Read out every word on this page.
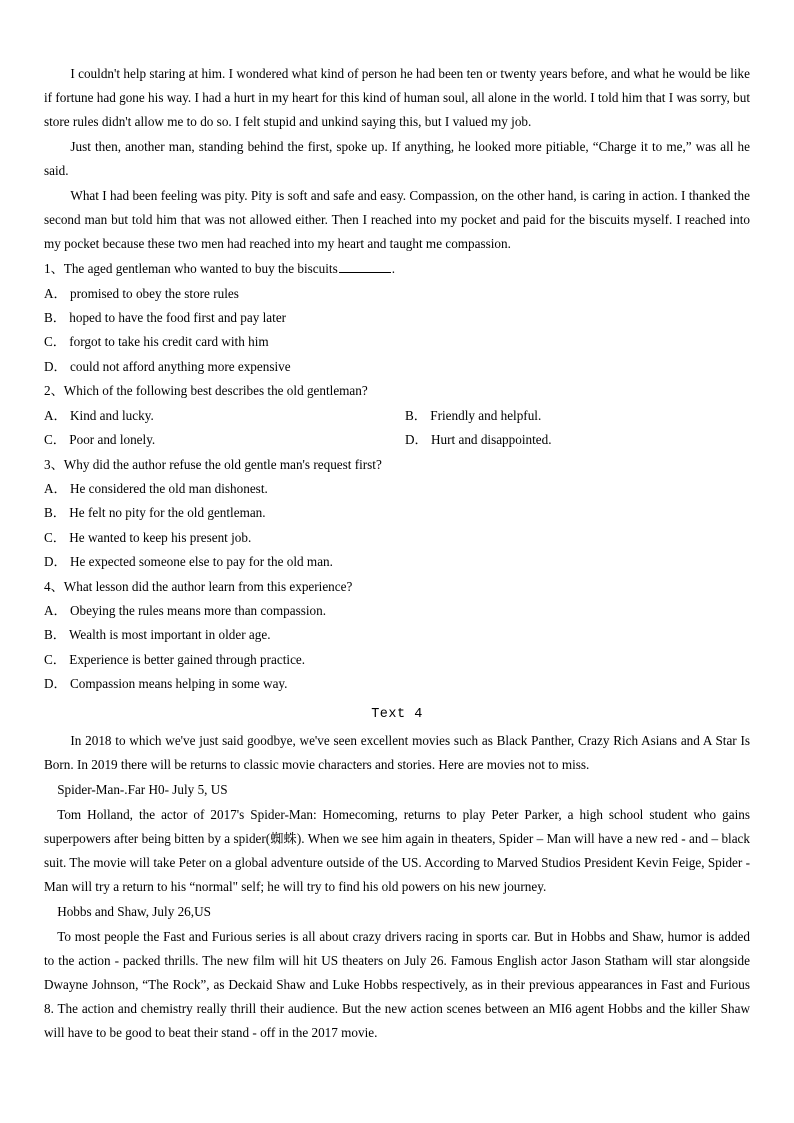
I couldn't help staring at him. I wondered what kind of person he had been ten or twenty years before, and what he would be like if fortune had gone his way. I had a hurt in my heart for this kind of human soul, all alone in the world. I told him that I was sorry, but store rules didn't allow me to do so. I felt stupid and unkind saying this, but I valued my job.

Just then, another man, standing behind the first, spoke up. If anything, he looked more pitiable, “Charge it to me,” was all he said.

What I had been feeling was pity. Pity is soft and safe and easy. Compassion, on the other hand, is caring in action. I thanked the second man but told him that was not allowed either. Then I reached into my pocket and paid for the biscuits myself. I reached into my pocket because these two men had reached into my heart and taught me compassion.

1、The aged gentleman who wanted to buy the biscuits	.

A． promised to obey the store rules

B． hoped to have the food first and pay later

C． forgot to take his credit card with him

D． could not afford anything more expensive

2、Which of the following best describes the old gentleman?

A． Kind and lucky.	B． Friendly and helpful.
C． Poor and lonely.	D． Hurt and disappointed.

3、Why did the author refuse the old gentle man's request first?

A． He considered the old man dishonest.

B． He felt no pity for the old gentleman.

C． He wanted to keep his present job.

D． He expected someone else to pay for the old man.

4、What lesson did the author learn from this experience?

A． Obeying the rules means more than compassion.

B． Wealth is most important in older age.

C． Experience is better gained through practice.

D． Compassion means helping in some way.

Text 4

In 2018 to which we've just said goodbye, we've seen excellent movies such as Black Panther, Crazy Rich Asians and A Star Is Born. In 2019 there will be returns to classic movie characters and stories. Here are movies not to miss.

Spider-Man-.Far H0- July 5, US

Tom Holland, the actor of 2017's Spider-Man: Homecoming, returns to play Peter Parker, a high school student who gains superpowers after being bitten by a spider(蜘蛛). When we see him again in theaters, Spider – Man will have a new red - and – black suit. The movie will take Peter on a global adventure outside of the US. According to Marved Studios President Kevin Feige, Spider - Man will try a return to his “normal" self; he will try to find his old powers on his new journey.

Hobbs and Shaw, July 26,US

To most people the Fast and Furious series is all about crazy drivers racing in sports car. But in Hobbs and Shaw, humor is added to the action - packed thrills. The new film will hit US theaters on July 26. Famous English actor Jason Statham will star alongside Dwayne Johnson, “The Rock”, as Deckaid Shaw and Luke Hobbs respectively, as in their previous appearances in Fast and Furious 8. The action and chemistry really thrill their audience. But the new action scenes between an MI6 agent Hobbs and the killer Shaw will have to be good to beat their stand - off in the 2017 movie.
